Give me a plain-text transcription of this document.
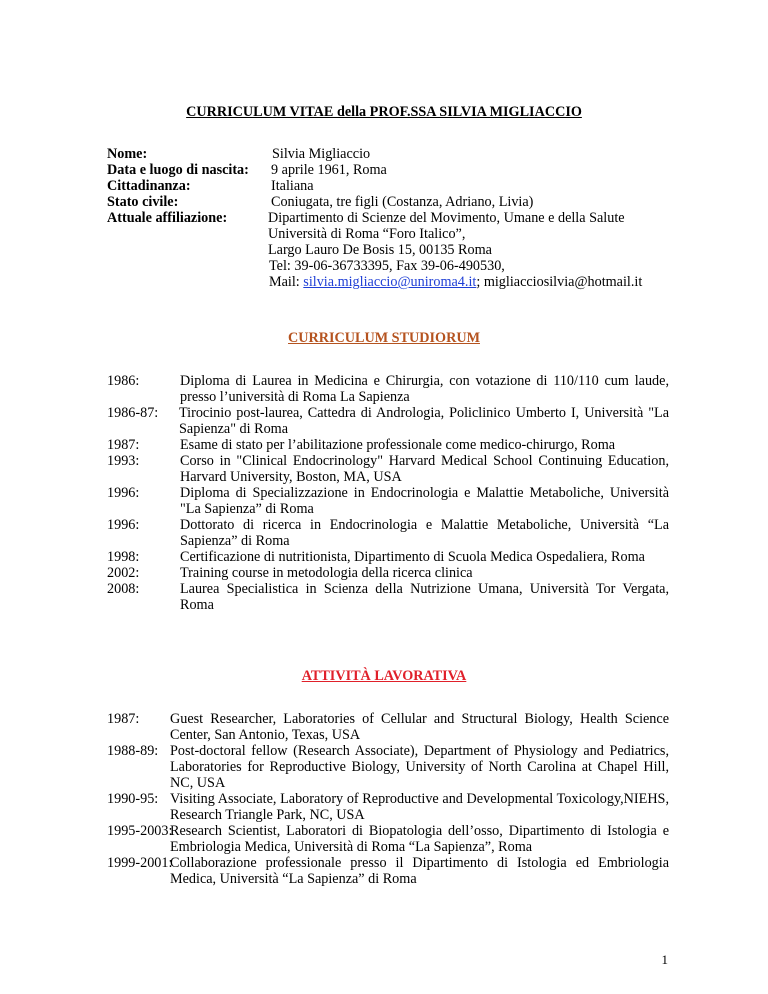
CURRICULUM VITAE della PROF.SSA SILVIA MIGLIACCIO
Nome:	Silvia Migliaccio
Data e luogo di nascita: 9 aprile 1961, Roma
Cittadinanza:	Italiana
Stato civile:	Coniugata, tre figli (Costanza, Adriano, Livia)
Attuale affiliazione:	Dipartimento di Scienze del Movimento, Umane e della Salute
Università di Roma “Foro Italico”,
Largo Lauro De Bosis 15, 00135 Roma
Tel: 39-06-36733395, Fax 39-06-490530,
Mail: silvia.migliaccio@uniroma4.it; migliacciosilvia@hotmail.it
CURRICULUM STUDIORUM
1986:	Diploma di Laurea in Medicina e Chirurgia, con votazione di 110/110 cum laude, presso l’università di Roma La Sapienza
1986-87: Tirocinio post-laurea, Cattedra di Andrologia, Policlinico Umberto I, Università "La Sapienza" di Roma
1987:	Esame di stato per l’abilitazione professionale come medico-chirurgo, Roma
1993:	Corso in "Clinical Endocrinology" Harvard Medical School Continuing Education, Harvard University, Boston, MA, USA
1996:	Diploma di Specializzazione in Endocrinologia e Malattie Metaboliche, Università "La Sapienza” di Roma
1996:	Dottorato di ricerca in Endocrinologia e Malattie Metaboliche, Università “La Sapienza” di Roma
1998:	Certificazione di nutritionista, Dipartimento di Scuola Medica Ospedaliera, Roma
2002:	Training course in metodologia della ricerca clinica
2008:	Laurea Specialistica in Scienza della Nutrizione Umana, Università Tor Vergata, Roma
ATTIVITÀ LAVORATIVA
1987: Guest Researcher, Laboratories of Cellular and Structural Biology, Health Science Center, San Antonio, Texas, USA
1988-89: Post-doctoral fellow (Research Associate), Department of Physiology and Pediatrics, Laboratories for Reproductive Biology, University of North Carolina at Chapel Hill, NC, USA
1990-95: Visiting Associate, Laboratory of Reproductive and Developmental Toxicology,NIEHS, Research Triangle Park, NC, USA
1995-2003:
Research Scientist, Laboratori di Biopatologia dell’osso, Dipartimento di Istologia e Embriologia Medica, Università di Roma “La Sapienza”, Roma
1999-2001:
Collaborazione professionale presso il Dipartimento di Istologia ed Embriologia Medica, Università “La Sapienza” di Roma
1
